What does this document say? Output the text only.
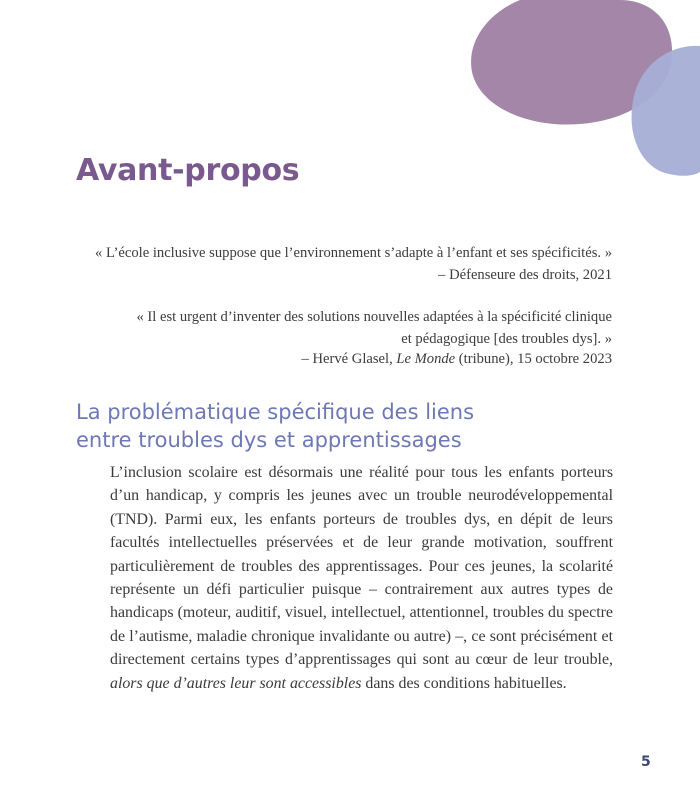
Avant-propos

« L’école inclusive suppose que l’environnement s’adapte à l’enfant et ses spécificités. »

– Défenseure des droits, 2021

« Il est urgent d’inventer des solutions nouvelles adaptées à la spécificité clinique

et pédagogique [des troubles dys]. »

– Hervé Glasel, Le Monde (tribune), 15 octobre 2023

La problématique spécifique des liens
entre troubles dys et apprentissages

L’inclusion scolaire est désormais une réalité pour tous les enfants porteurs d’un handicap, y compris les jeunes avec un trouble neurodéveloppemental (TND). Parmi eux, les enfants porteurs de troubles dys, en dépit de leurs facultés intellectuelles préservées et de leur grande motivation, souffrent particulièrement de troubles des apprentissages. Pour ces jeunes, la scolarité représente un défi particulier puisque – contrairement aux autres types de handicaps (moteur, auditif, visuel, intellectuel, attentionnel, troubles du spectre de l’autisme, maladie chronique invalidante ou autre) –, ce sont précisément et directement certains types d’apprentissages qui sont au cœur de leur trouble, alors que d’autres leur sont accessibles dans des conditions habituelles.

5
